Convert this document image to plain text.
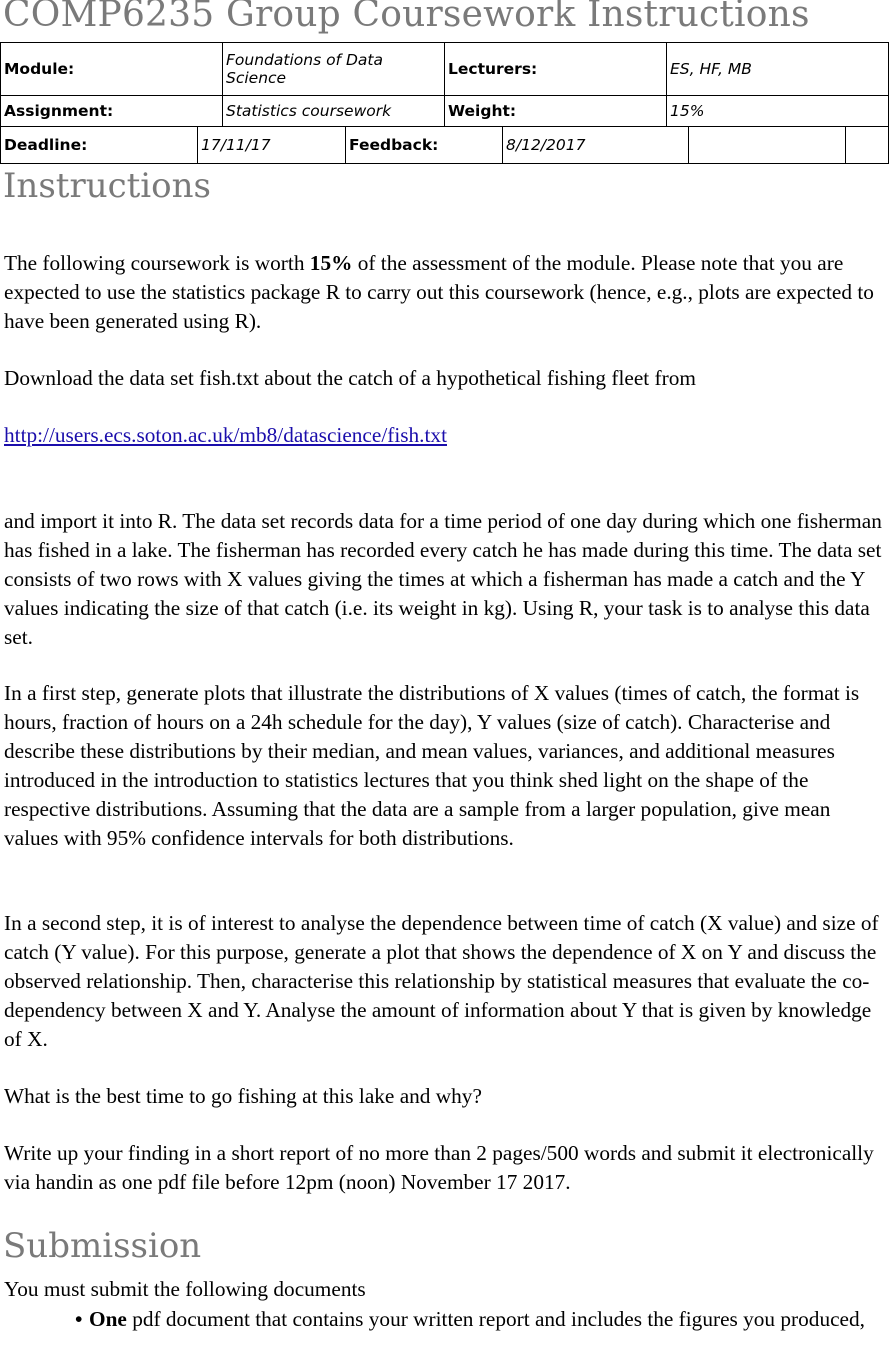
COMP6235 Group Coursework Instructions
Module:	Foundations of Data Science	Lecturers:	ES, HF, MB
Assignment:	Statistics coursework	Weight:	15%
Deadline:	17/11/17	Feedback:	8/12/2017		
Instructions

The following coursework is worth 15% of the assessment of the module. Please note that you are expected to use the statistics package R to carry out this coursework (hence, e.g., plots are expected to have been generated using R).

Download the data set fish.txt about the catch of a hypothetical fishing fleet from

http://users.ecs.soton.ac.uk/mb8/datascience/fish.txt

and import it into R. The data set records data for a time period of one day during which one fisherman has fished in a lake. The fisherman has recorded every catch he has made during this time. The data set consists of two rows with X values giving the times at which a fisherman has made a catch and the Y values indicating the size of that catch (i.e. its weight in kg). Using R, your task is to analyse this data set.

In a first step, generate plots that illustrate the distributions of X values (times of catch, the format is hours, fraction of hours on a 24h schedule for the day), Y values (size of catch). Characterise and describe these distributions by their median, and mean values, variances, and additional measures introduced in the introduction to statistics lectures that you think shed light on the shape of the respective distributions. Assuming that the data are a sample from a larger population, give mean values with 95% confidence intervals for both distributions.

In a second step, it is of interest to analyse the dependence between time of catch (X value) and size of catch (Y value). For this purpose, generate a plot that shows the dependence of X on Y and discuss the observed relationship. Then, characterise this relationship by statistical measures that evaluate the co-dependency between X and Y. Analyse the amount of information about Y that is given by knowledge of X.

What is the best time to go fishing at this lake and why?

Write up your finding in a short report of no more than 2 pages/500 words and submit it electronically via handin as one pdf file before 12pm (noon) November 17 2017.

Submission

You must submit the following documents

• One pdf document that contains your written report and includes the figures you produced,
